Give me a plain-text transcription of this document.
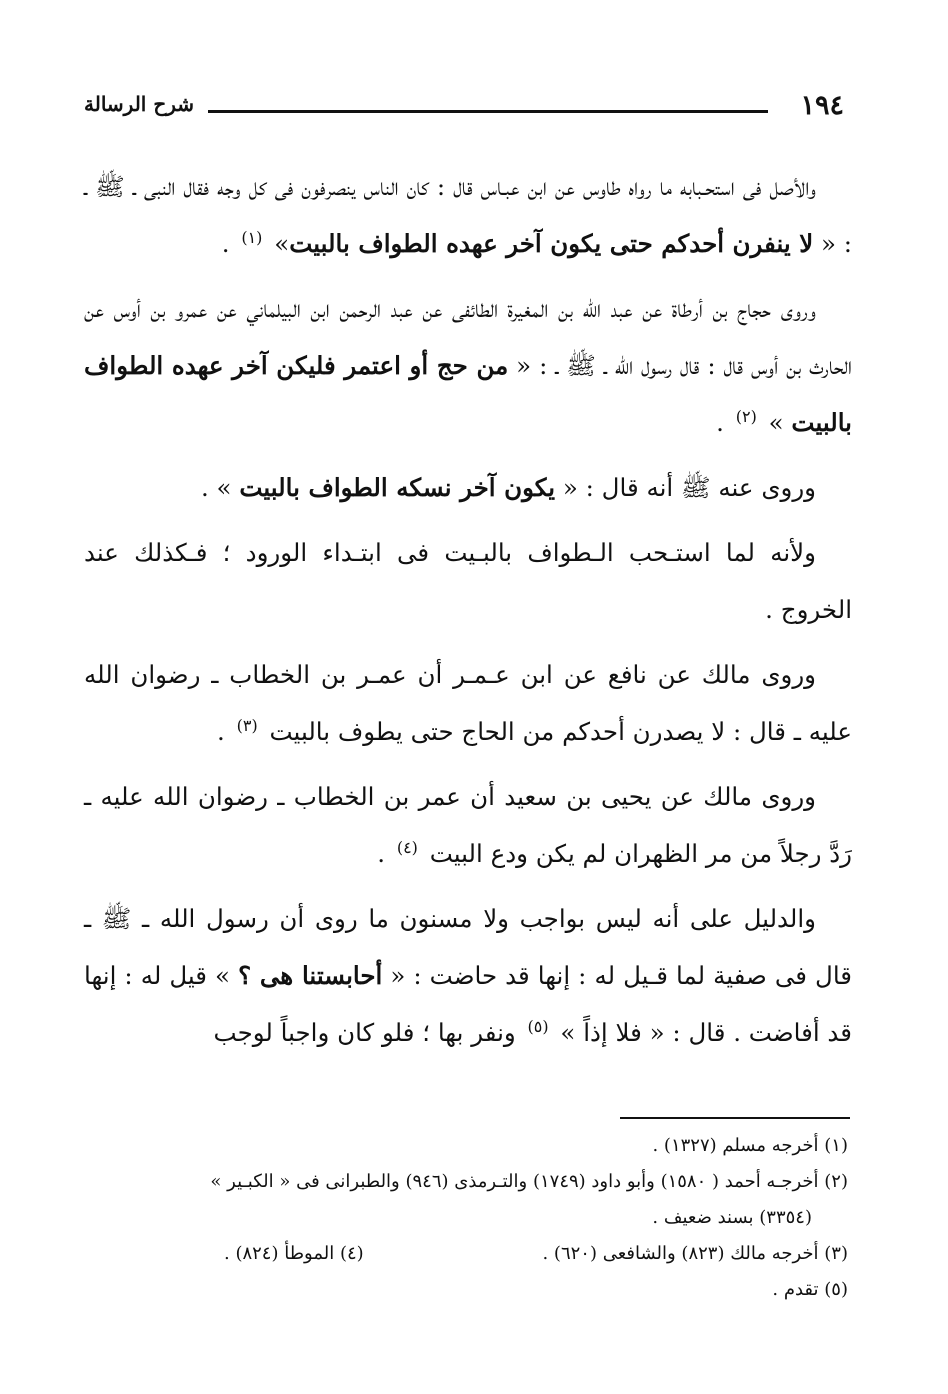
١٩٤
شرح الرسالة

والأصل فى استحـبابه ما رواه طاوس عن ابن عبـاس قال : كان الناس ينصرفون فى كل وجه فقال النبى ـ ﷺ ـ : « لا ينفرن أحدكم حتى يكون آخر عهده الطواف بالبيت» $^{(١)}$ .

وروى حجاج بن أرطاة عن عبد الله بن المغيرة الطائفى عن عبد الرحمن ابن البيلماني عن عمرو بن أوس عن الحارث بن أوس قال : قال رسول الله ـ ﷺ ـ : « من حج أو اعتمر فليكن آخر عهده الطواف بالبيت » $^{(٢)}$ .

وروى عنه ﷺ أنه قال : « يكون آخر نسكه الطواف بالبيت » .

ولأنه لما استـحب الـطواف بالبـيت فى ابتـداء الورود ؛ فـكذلك عند الخروج .

وروى مالك عن نافع عن ابن عـمـر أن عمـر بن الخطاب ـ رضوان الله عليه ـ قال : لا يصدرن أحدكم من الحاج حتى يطوف بالبيت $^{(٣)}$ .

وروى مالك عن يحيى بن سعيد أن عمر بن الخطاب ـ رضوان الله عليه ـ رَدَّ رجلاً من مر الظهران لم يكن ودع البيت $^{(٤)}$ .

والدليل على أنه ليس بواجب ولا مسنون ما روى أن رسول الله ـ ﷺ ـ قال فى صفية لما قـيل له : إنها قد حاضت : « أحابستنا هى ؟ » قيل له : إنها قد أفاضت . قال : « فلا إذاً » $^{(٥)}$ ونفر بها ؛ فلو كان واجباً لوجب

(١) أخرجه مسلم (١٣٢٧) .

(٢) أخرجـه أحمد ( ١٥٨٠) وأبو داود (١٧٤٩) والتـرمذى (٩٤٦) والطبرانى فى « الكبـير »

(٣٣٥٤) بسند ضعيف .

(٣) أخرجه مالك (٨٢٣) والشافعى (٦٢٠) .
(٤) الموطأ (٨٢٤) .

(٥) تقدم .
